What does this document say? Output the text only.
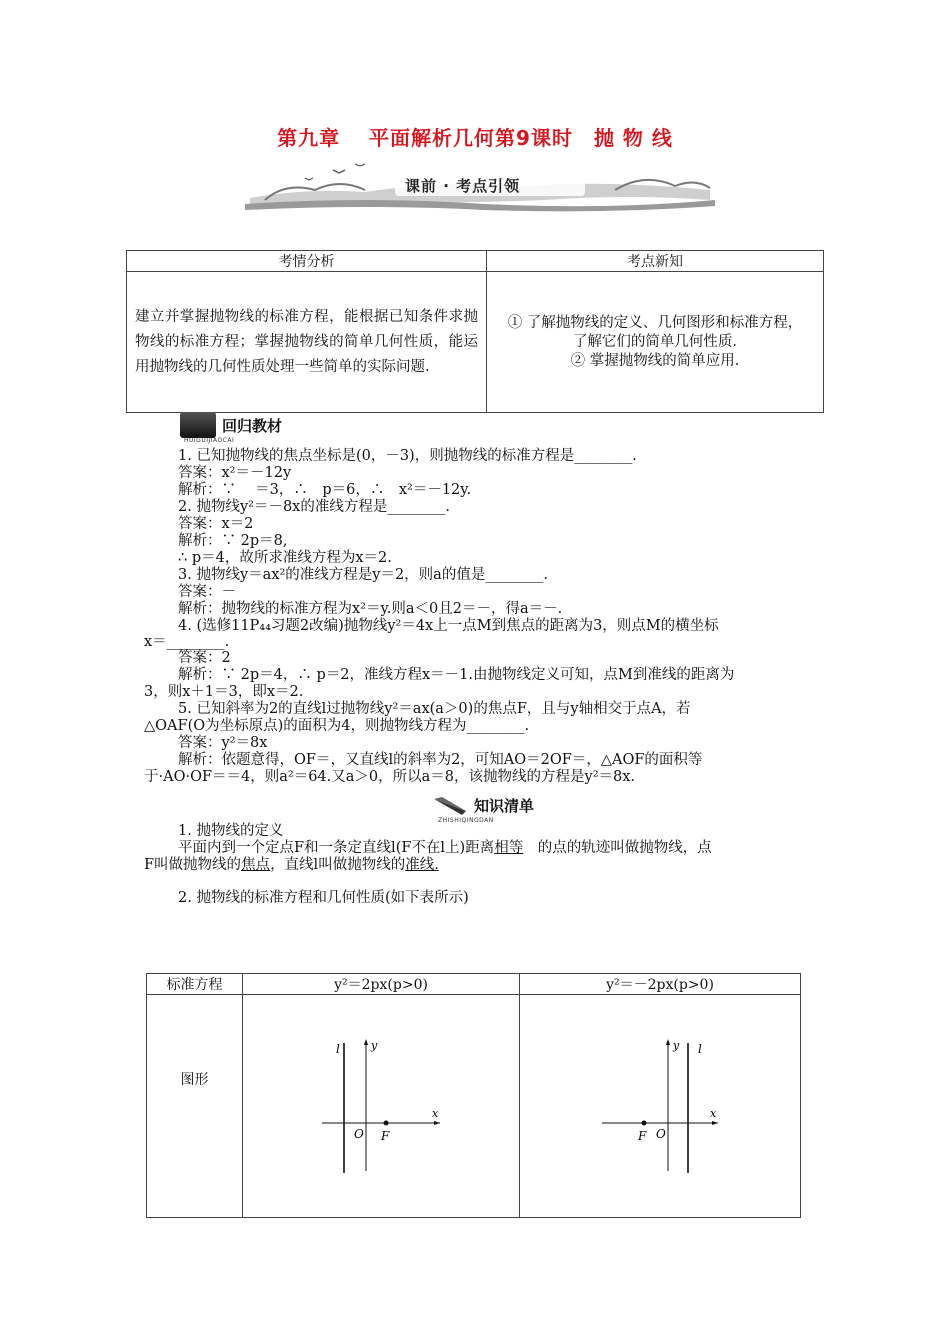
第九章　 平面解析几何第9课时　抛 物 线
课前 · 考点引领
考情分析	考点新知
建立并掌握抛物线的标准方程，能根据已知条件求抛物线的标准方程；掌握抛物线的简单几何性质，能运用抛物线的几何性质处理一些简单的实际问题.	① 了解抛物线的定义、几何图形和标准方程，
了解它们的简单几何性质.
② 掌握抛物线的简单应用.
回归教材
HUIGUIJIAOCAI
1. 已知抛物线的焦点坐标是(0，－3)，则抛物线的标准方程是________.
答案：x²＝－12y
解析：∵ 　＝3，∴　p＝6，∴　x²＝－12y.
2. 抛物线y²＝－8x的准线方程是________.
答案：x＝2
解析：∵ 2p＝8,
∴ p＝4，故所求准线方程为x＝2.
3. 抛物线y＝ax²的准线方程是y＝2，则a的值是________.
答案：－
解析：抛物线的标准方程为x²＝y.则a＜0且2＝－，得a＝－.
4. (选修11P₄₄习题2改编)抛物线y²＝4x上一点M到焦点的距离为3，则点M的横坐标
x＝________.
答案：2
解析：∵ 2p＝4，∴ p＝2，准线方程x＝－1.由抛物线定义可知，点M到准线的距离为
3，则x＋1＝3，即x＝2.
5. 已知斜率为2的直线l过抛物线y²＝ax(a＞0)的焦点F，且与y轴相交于点A，若
△OAF(O为坐标原点)的面积为4，则抛物线方程为________.
答案：y²＝8x
解析：依题意得，OF＝，又直线l的斜率为2，可知AO＝2OF＝，△AOF的面积等
于·AO·OF＝＝4，则a²＝64.又a＞0，所以a＝8，该抛物线的方程是y²＝8x.
知识清单
ZHISHIQINGDAN
1. 抛物线的定义
平面内到一个定点F和一条定直线l(F不在l上)距离相等　 的点的轨迹叫做抛物线，点
F叫做抛物线的焦点，直线l叫做抛物线的准线.
2. 抛物线的标准方程和几何性质(如下表所示)
标准方程	y²＝2px(p>0)	y²＝－2px(p>0)
图形	l y
x
O F	l
y
x
O
F
